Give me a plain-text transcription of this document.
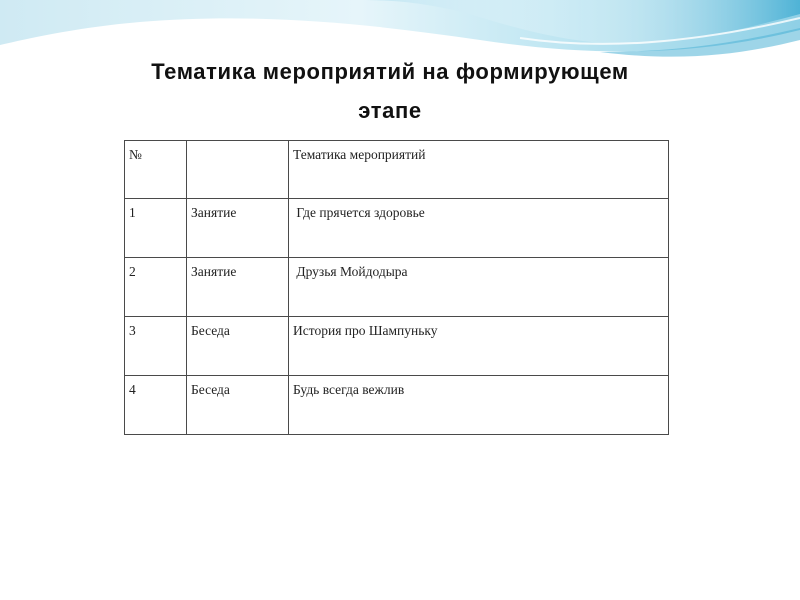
Тематика мероприятий на формирующем
этапе
№		Тематика мероприятий
1	Занятие	Где прячется здоровье
2	Занятие	Друзья Мойдодыра
3	Беседа	История про Шампуньку
4	Беседа	Будь всегда вежлив
